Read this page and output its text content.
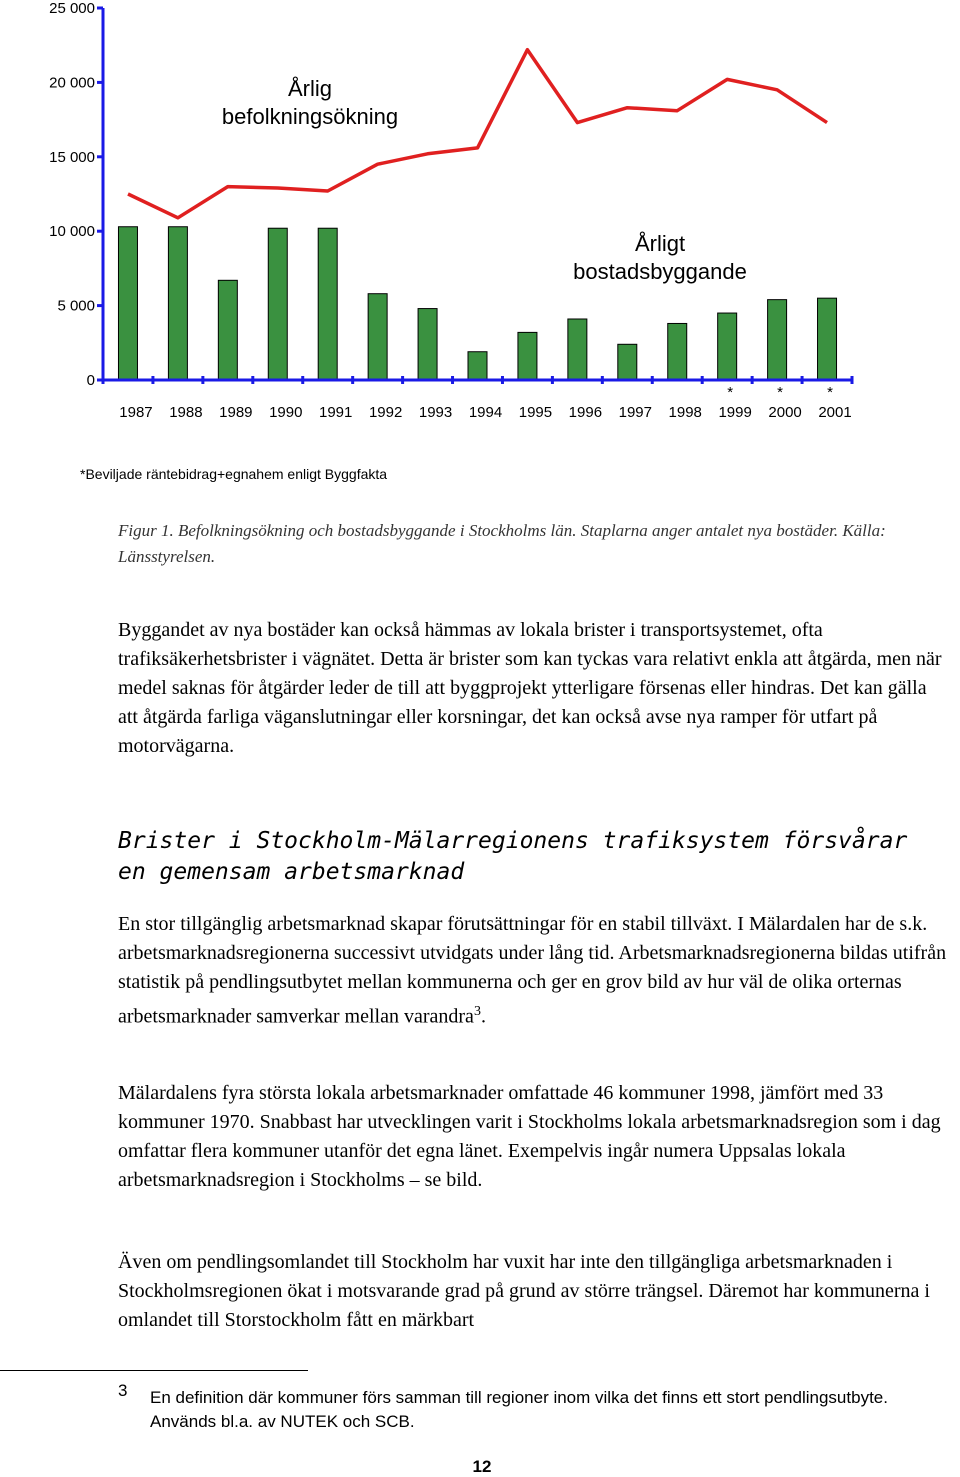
25 000
20 000
15 000
10 000
5 000
0
1987 1988 1989 1990 1991 1992 1993 1994 1995 1996 1997 1998 1999
*
2000
*
2001
*
Årlig
befolkningsökning
Årligt
bostadsbyggande
*Beviljade räntebidrag+egnahem enligt Byggfakta
Figur 1. Befolkningsökning och bostadsbyggande i Stockholms län. Staplarna anger antalet nya bostäder. Källa: Länsstyrelsen.
Byggandet av nya bostäder kan också hämmas av lokala brister i transportsystemet, ofta trafiksäkerhetsbrister i vägnätet. Detta är brister som kan tyckas vara relativt enkla att åtgärda, men när medel saknas för åtgärder leder de till att byggprojekt ytterligare försenas eller hindras. Det kan gälla att åtgärda farliga väganslutningar eller korsningar, det kan också avse nya ramper för utfart på motorvägarna.
Brister i Stockholm-Mälarregionens trafiksystem försvårar en gemensam arbetsmarknad
En stor tillgänglig arbetsmarknad skapar förutsättningar för en stabil tillväxt. I Mälardalen har de s.k. arbetsmarknadsregionerna successivt utvidgats under lång tid. Arbetsmarknadsregionerna bildas utifrån statistik på pendlingsutbytet mellan kommunerna och ger en grov bild av hur väl de olika orternas arbetsmarknader samverkar mellan varandra$^3$.
Mälardalens fyra största lokala arbetsmarknader omfattade 46 kommuner 1998, jämfört med 33 kommuner 1970. Snabbast har utvecklingen varit i Stockholms lokala arbetsmarknadsregion som i dag omfattar flera kommuner utanför det egna länet. Exempelvis ingår numera Uppsalas lokala arbetsmarknadsregion i Stockholms – se bild.
Även om pendlingsomlandet till Stockholm har vuxit har inte den tillgängliga arbetsmarknaden i Stockholmsregionen ökat i motsvarande grad på grund av större trängsel. Däremot har kommunerna i omlandet till Storstockholm fått en märkbart
3 En definition där kommuner förs samman till regioner inom vilka det finns ett stort pendlingsutbyte. Används bl.a. av NUTEK och SCB.
12
